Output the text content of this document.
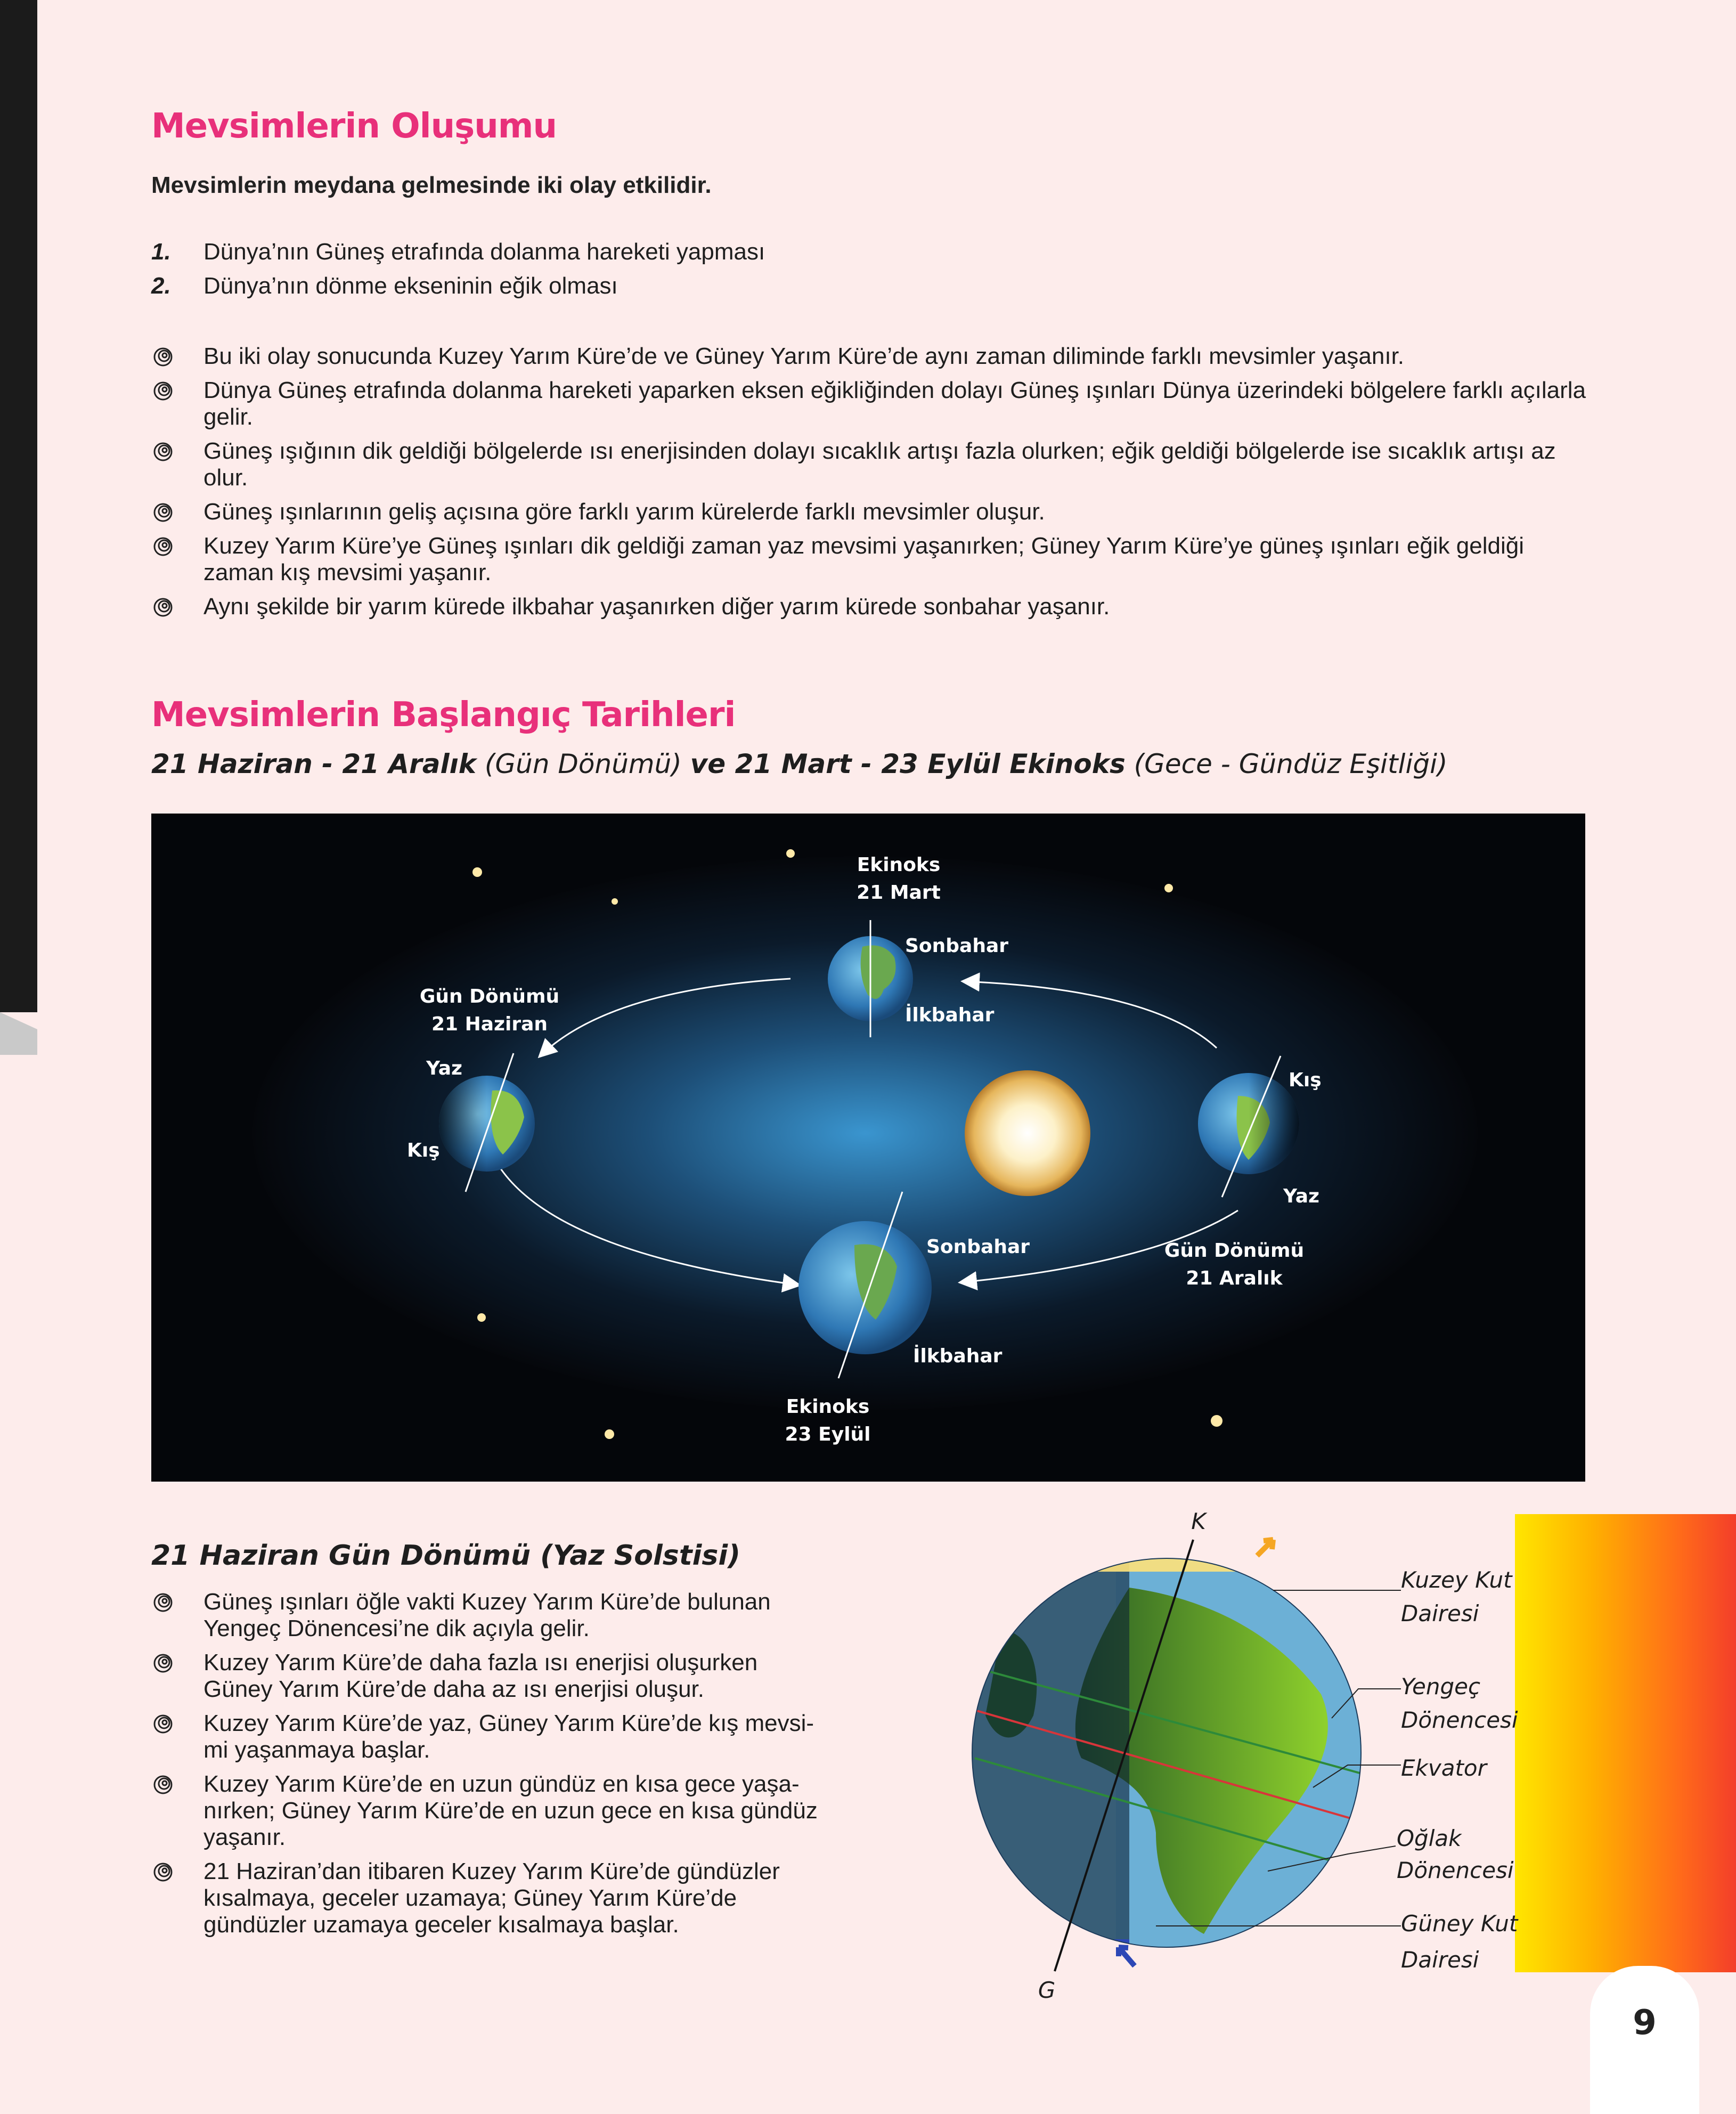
Mevsimlerin Oluşumu
Mevsimlerin meydana gelmesinde iki olay etkilidir.
1.	Dünya’nın Güneş etrafında dolanma hareketi yapması
2.	Dünya’nın dönme ekseninin eğik olması
Bu iki olay sonucunda Kuzey Yarım Küre’de ve Güney Yarım Küre’de aynı zaman diliminde farklı mevsimler yaşanır.
Dünya Güneş etrafında dolanma hareketi yaparken eksen eğikliğinden dolayı Güneş ışınları Dünya üzerindeki bölgelere farklı açılarla gelir.
Güneş ışığının dik geldiği bölgelerde ısı enerjisinden dolayı sıcaklık artışı fazla olurken; eğik geldiği bölgelerde ise sıcaklık artışı az olur.
Güneş ışınlarının geliş açısına göre farklı yarım kürelerde farklı mevsimler oluşur.
Kuzey Yarım Küre’ye Güneş ışınları dik geldiği zaman yaz mevsimi yaşanırken; Güney Yarım Küre’ye güneş ışınları eğik geldiği zaman kış mevsimi yaşanır.
Aynı şekilde bir yarım kürede ilkbahar yaşanırken diğer yarım kürede sonbahar yaşanır.
Mevsimlerin Başlangıç Tarihleri
21 Haziran - 21 Aralık (Gün Dönümü) ve 21 Mart - 23 Eylül Ekinoks (Gece - Gündüz Eşitliği)
Ekinoks
21 Mart
Sonbahar
İlkbahar
Gün Dönümü
21 Haziran
Yaz
Kış
Kış
Yaz
Gün Dönümü
21 Aralık
Sonbahar
İlkbahar
Ekinoks
23 Eylül
21 Haziran Gün Dönümü (Yaz Solstisi)
Güneş ışınları öğle vakti Kuzey Yarım Küre’de bulunan
Yengeç Dönencesi’ne dik açıyla gelir.
Kuzey Yarım Küre’de daha fazla ısı enerjisi oluşurken
Güney Yarım Küre’de daha az ısı enerjisi oluşur.
Kuzey Yarım Küre’de yaz, Güney Yarım Küre’de kış mevsi-
mi yaşanmaya başlar.
Kuzey Yarım Küre’de en uzun gündüz en kısa gece yaşa-
nırken; Güney Yarım Küre’de en uzun gece en kısa gündüz
yaşanır.
21 Haziran’dan itibaren Kuzey Yarım Küre’de gündüzler
kısalmaya, geceler uzamaya; Güney Yarım Küre’de
gündüzler uzamaya geceler kısalmaya başlar.
K
G
Kuzey Kut
Dairesi
Yengeç
Dönencesi
Ekvator
Oğlak
Dönencesi
Güney Kut
Dairesi
9
